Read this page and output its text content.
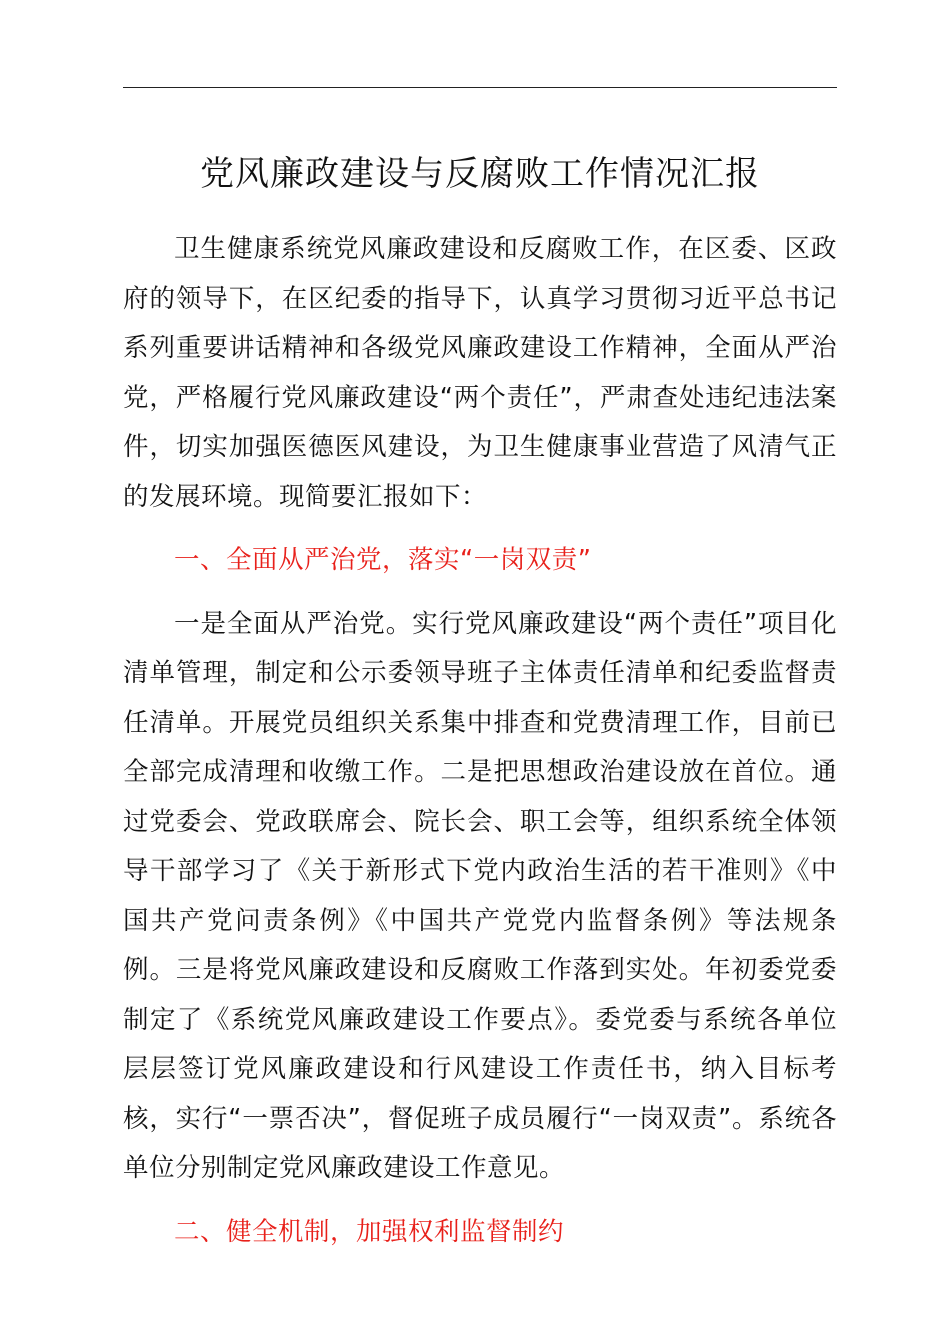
党风廉政建设与反腐败工作情况汇报

卫生健康系统党风廉政建设和反腐败工作，在区委、区政府的领导下，在区纪委的指导下，认真学习贯彻习近平总书记系列重要讲话精神和各级党风廉政建设工作精神，全面从严治党，严格履行党风廉政建设“两个责任”，严肃查处违纪违法案件，切实加强医德医风建设，为卫生健康事业营造了风清气正的发展环境。现简要汇报如下：

一、全面从严治党，落实“一岗双责”

一是全面从严治党。实行党风廉政建设“两个责任”项目化清单管理，制定和公示委领导班子主体责任清单和纪委监督责任清单。开展党员组织关系集中排查和党费清理工作，目前已全部完成清理和收缴工作。二是把思想政治建设放在首位。通过党委会、党政联席会、院长会、职工会等，组织系统全体领导干部学习了《关于新形式下党内政治生活的若干准则》《中国共产党问责条例》《中国共产党党内监督条例》等法规条例。三是将党风廉政建设和反腐败工作落到实处。年初委党委制定了《系统党风廉政建设工作要点》。委党委与系统各单位层层签订党风廉政建设和行风建设工作责任书，纳入目标考核，实行“一票否决”，督促班子成员履行“一岗双责”。系统各单位分别制定党风廉政建设工作意见。

二、健全机制，加强权利监督制约
